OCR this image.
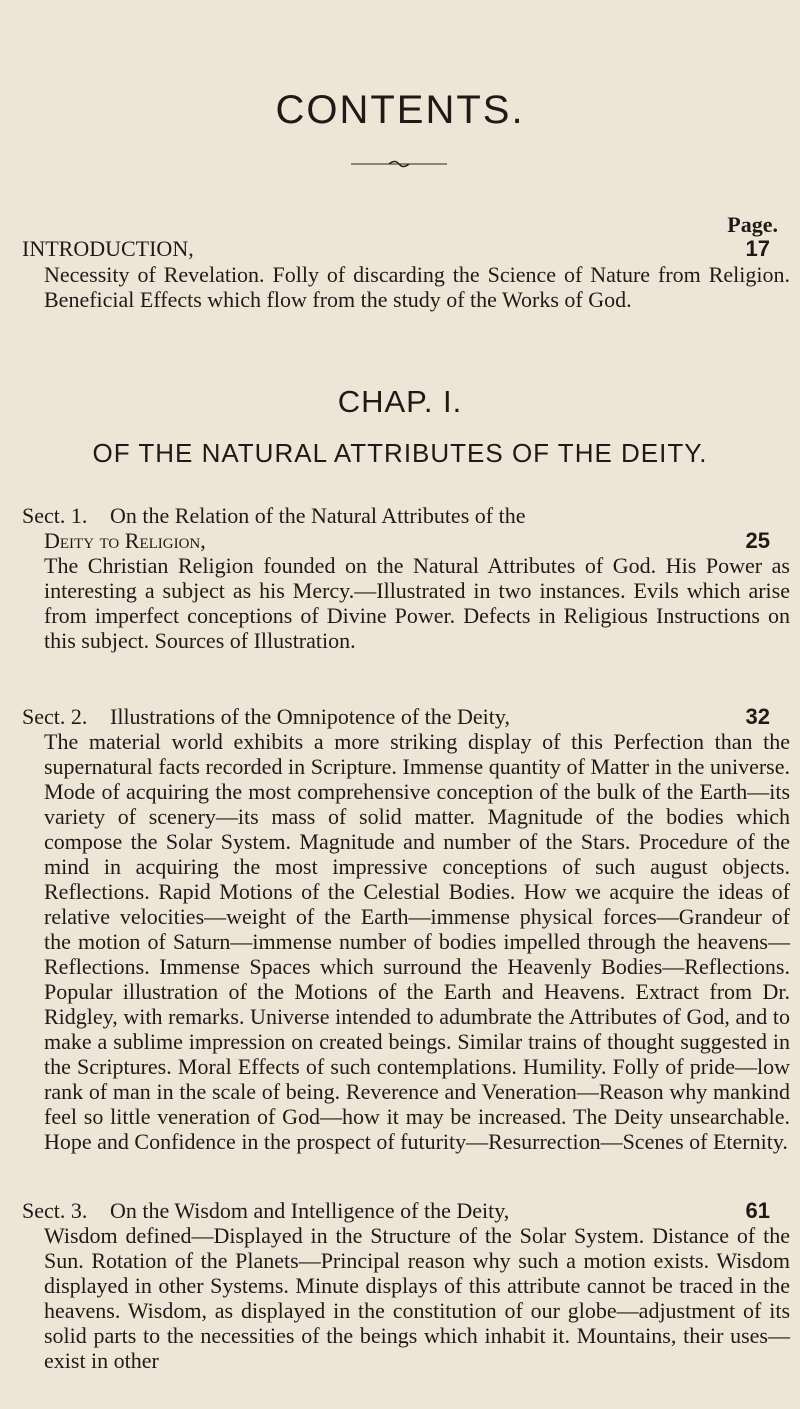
CONTENTS.
Page.
INTRODUCTION,	17

Necessity of Revelation. Folly of discarding the Science of Nature from Religion. Beneficial Effects which flow from the study of the Works of God.

CHAP. I.
OF THE NATURAL ATTRIBUTES OF THE DEITY.
Sect. 1. On the Relation of the Natural Attributes of the
Deity to Religion,	25

The Christian Religion founded on the Natural Attributes of God. His Power as interesting a subject as his Mercy.—Illustrated in two instances. Evils which arise from imperfect conceptions of Divine Power. Defects in Religious Instructions on this subject. Sources of Illustration.

Sect. 2. Illustrations of the Omnipotence of the Deity,	32

The material world exhibits a more striking display of this Perfection than the supernatural facts recorded in Scripture. Immense quantity of Matter in the universe. Mode of acquiring the most comprehensive conception of the bulk of the Earth—its variety of scenery—its mass of solid matter. Magnitude of the bodies which compose the Solar System. Magnitude and number of the Stars. Procedure of the mind in acquiring the most impressive conceptions of such august objects. Reflections. Rapid Motions of the Celestial Bodies. How we acquire the ideas of relative velocities—weight of the Earth—immense physical forces—Grandeur of the motion of Saturn—immense number of bodies impelled through the heavens—Reflections. Immense Spaces which surround the Heavenly Bodies—Reflections. Popular illustration of the Motions of the Earth and Heavens. Extract from Dr. Ridgley, with remarks. Universe intended to adumbrate the Attributes of God, and to make a sublime impression on created beings. Similar trains of thought suggested in the Scriptures. Moral Effects of such contemplations. Humility. Folly of pride—low rank of man in the scale of being. Reverence and Veneration—Reason why mankind feel so little veneration of God—how it may be increased. The Deity unsearchable. Hope and Confidence in the prospect of futurity—Resurrection—Scenes of Eternity.

Sect. 3. On the Wisdom and Intelligence of the Deity,	61

Wisdom defined—Displayed in the Structure of the Solar System. Distance of the Sun. Rotation of the Planets—Principal reason why such a motion exists. Wisdom displayed in other Systems. Minute displays of this attribute cannot be traced in the heavens. Wisdom, as displayed in the constitution of our globe—adjustment of its solid parts to the necessities of the beings which inhabit it. Mountains, their uses—exist in other
